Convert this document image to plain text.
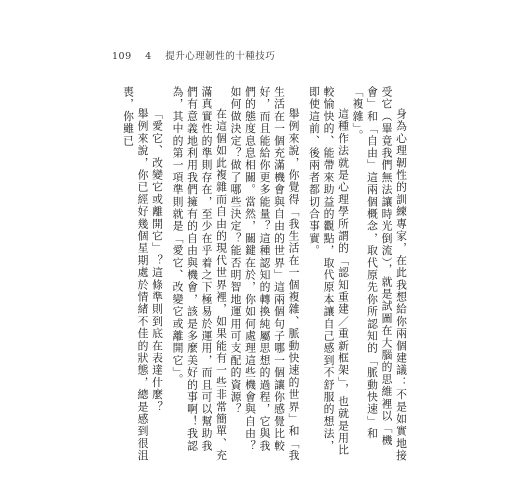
109 4 提升心理韌性的十種技巧

身為心理韌性的訓練專家，在此我想給你兩個建議：不是如實地接受它（畢竟我們無法讓時光倒流），就是試圖在大腦的思維裡以「機會」和「自由」這兩個概念，取代原先你所認知的「脈動快速」和「複雜」。

這種作法就是心理學所謂的「認知重建／重新框架」，也就是用比較愉快的、能帶來助益的觀點，取代原本讓自己感到不舒服的想法，即使這前、後兩者都切合事實。

舉例來說，你覺得「我生活在一個複雜、脈動快速的世界」和「我生活在一個充滿機會與自由的世界」這兩個句子哪一個讓你感覺比較好，而且能給你更多能量？這種認知的轉換純屬思想的過程，它與我們的態度息息相關。當然，關鍵在於，你如何處理這些機會與自由？如何做決定？做了哪些決定？能否明智地運用可支配的資源？

在這個如此複雜而自由的現代世界裡，如果能有一些非常簡單、充滿真實性的準則存在，至少在乎着之下極易於運用，而且可以幫助我們有意義地利用我們擁有的自由與機會，該是多麼美好的事啊！我認為，其中的第一項準則就是「愛它、改變它或離開它」。

「愛它、改變它或離開它」？這條準則到底在表達什麼？

舉例來說，你已經好幾個星期處於情緒不佳的狀態，總是感到很沮喪，你雖已
